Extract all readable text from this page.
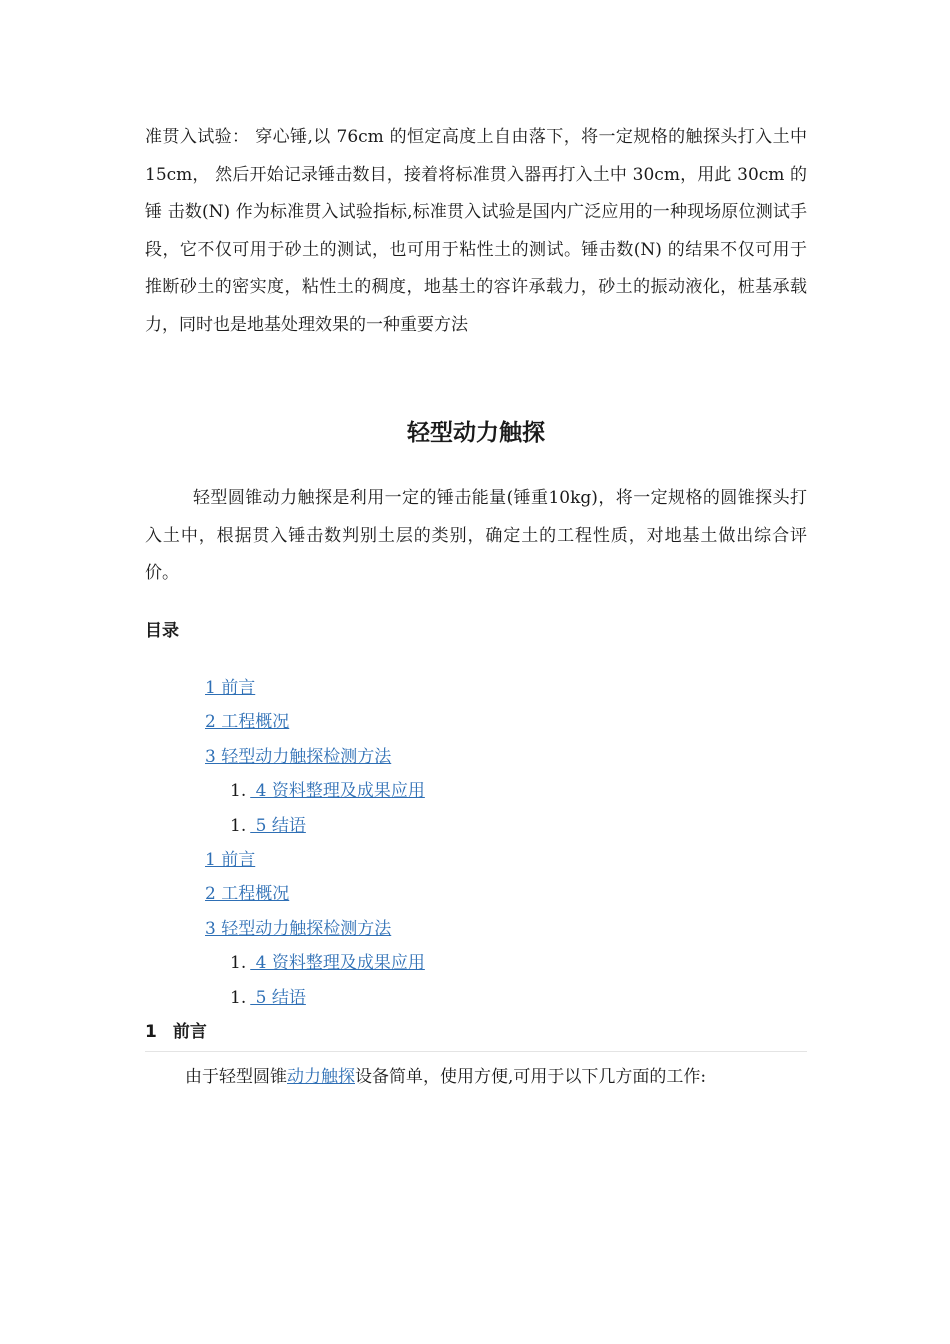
准贯入试验： 穿心锤,以 76cm 的恒定高度上自由落下，将一定规格的触探头打入土中 15cm， 然后开始记录锤击数目，接着将标准贯入器再打入土中 30cm，用此 30cm 的锤 击数(N) 作为标准贯入试验指标,标准贯入试验是国内广泛应用的一种现场原位测试手段，它不仅可用于砂土的测试，也可用于粘性土的测试。锤击数(N) 的结果不仅可用于推断砂土的密实度，粘性土的稠度，地基土的容许承载力，砂土的振动液化，桩基承载力，同时也是地基处理效果的一种重要方法

轻型动力触探

轻型圆锥动力触探是利用一定的锤击能量(锤重10kg)，将一定规格的圆锥探头打入土中，根据贯入锤击数判别土层的类别，确定土的工程性质，对地基土做出综合评价。

目录
1 前言
2 工程概况
3 轻型动力触探检测方法
1. 4 资料整理及成果应用
1. 5 结语
1 前言
2 工程概况
3 轻型动力触探检测方法
1. 4 资料整理及成果应用
1. 5 结语
1 前言

由于轻型圆锥动力触探设备简单，使用方便,可用于以下几方面的工作:
